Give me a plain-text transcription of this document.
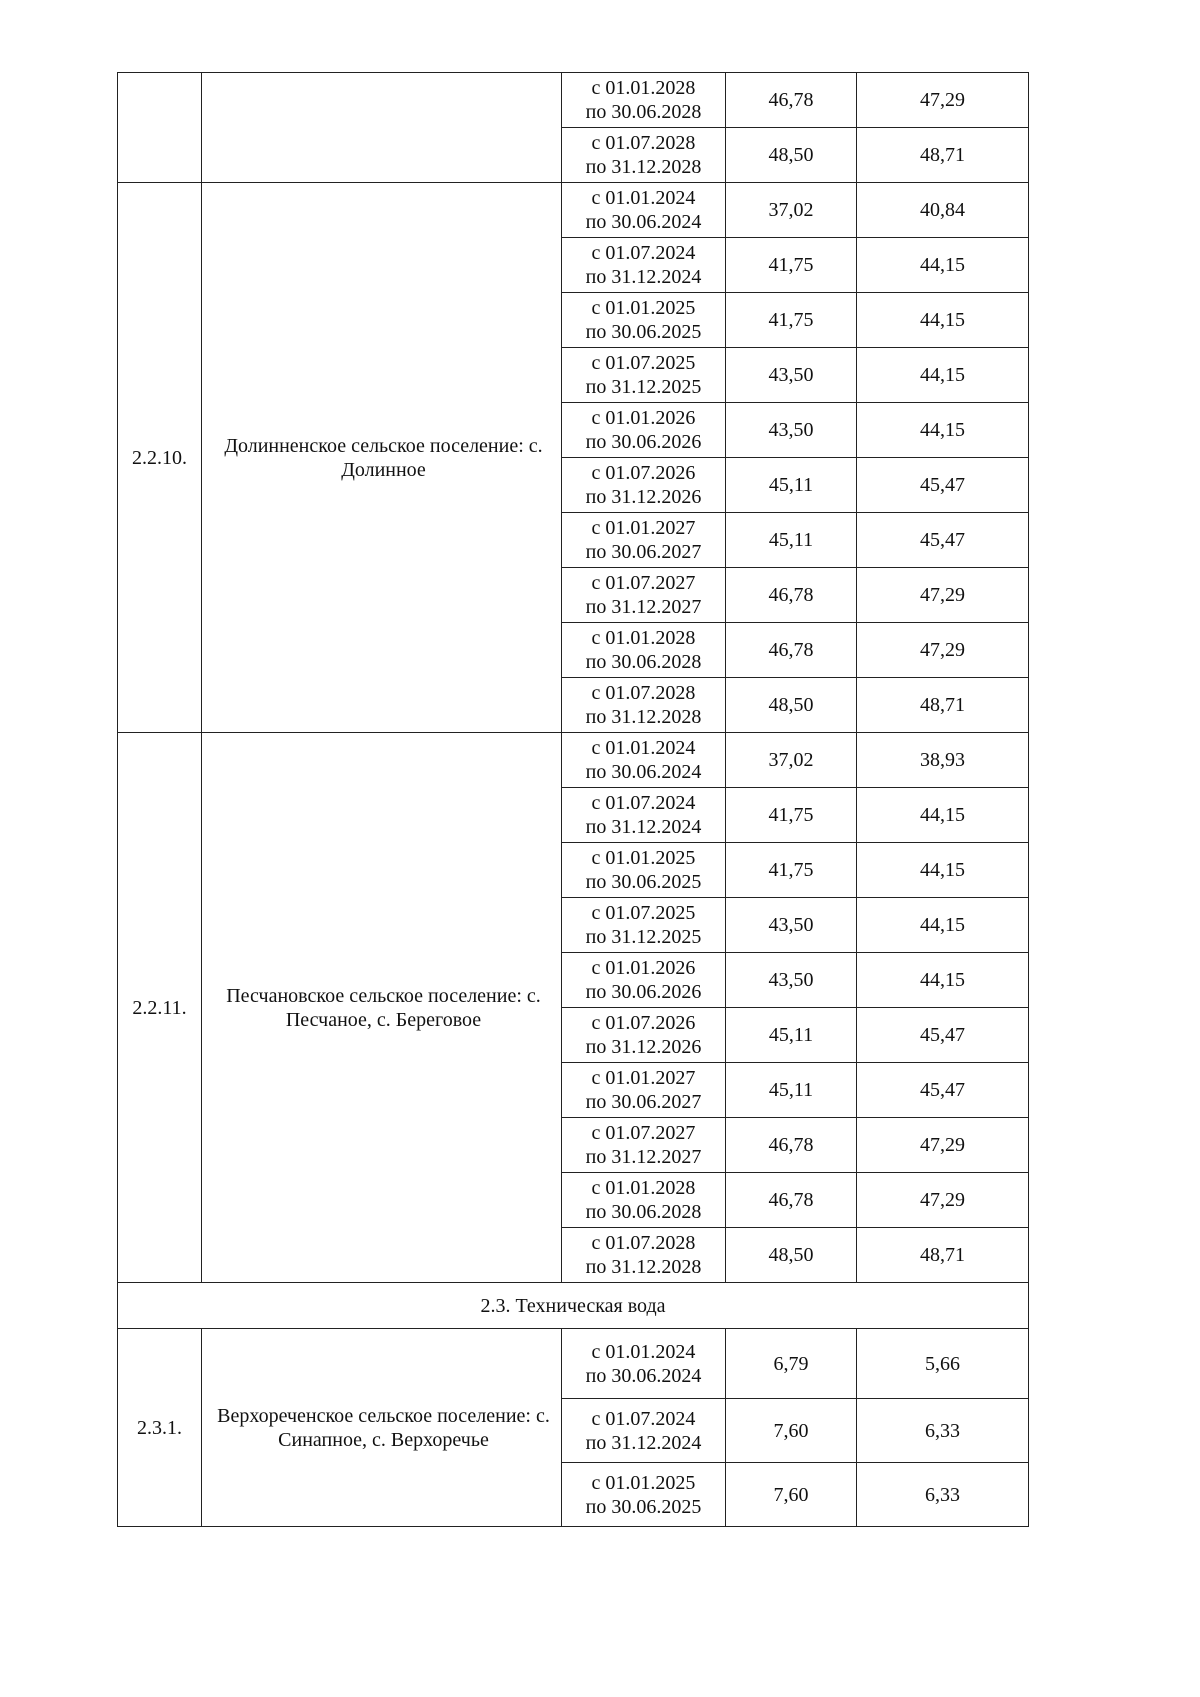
		с 01.01.2028
по 30.06.2028	46,78	47,29

		с 01.07.2028
по 31.12.2028	48,50	48,71
2.2.10.	Долинненское сельское поселение: с. Долинное	с 01.01.2024
по 30.06.2024	37,02	40,84

		с 01.07.2024
по 31.12.2024	41,75	44,15

		с 01.01.2025
по 30.06.2025	41,75	44,15

		с 01.07.2025
по 31.12.2025	43,50	44,15

		с 01.01.2026
по 30.06.2026	43,50	44,15

		с 01.07.2026
по 31.12.2026	45,11	45,47

		с 01.01.2027
по 30.06.2027	45,11	45,47

		с 01.07.2027
по 31.12.2027	46,78	47,29

		с 01.01.2028
по 30.06.2028	46,78	47,29

		с 01.07.2028
по 31.12.2028	48,50	48,71
2.2.11.	Песчановское сельское поселение: с. Песчаное, с. Береговое	с 01.01.2024
по 30.06.2024	37,02	38,93

		с 01.07.2024
по 31.12.2024	41,75	44,15

		с 01.01.2025
по 30.06.2025	41,75	44,15

		с 01.07.2025
по 31.12.2025	43,50	44,15

		с 01.01.2026
по 30.06.2026	43,50	44,15

		с 01.07.2026
по 31.12.2026	45,11	45,47

		с 01.01.2027
по 30.06.2027	45,11	45,47

		с 01.07.2027
по 31.12.2027	46,78	47,29

		с 01.01.2028
по 30.06.2028	46,78	47,29

		с 01.07.2028
по 31.12.2028	48,50	48,71
2.3. Техническая вода				
2.3.1.	Верхореченское сельское поселение: с. Синапное, с. Верхоречье	с 01.01.2024
по 30.06.2024	6,79	5,66

		с 01.07.2024
по 31.12.2024	7,60	6,33

		с 01.01.2025
по 30.06.2025	7,60	6,33
